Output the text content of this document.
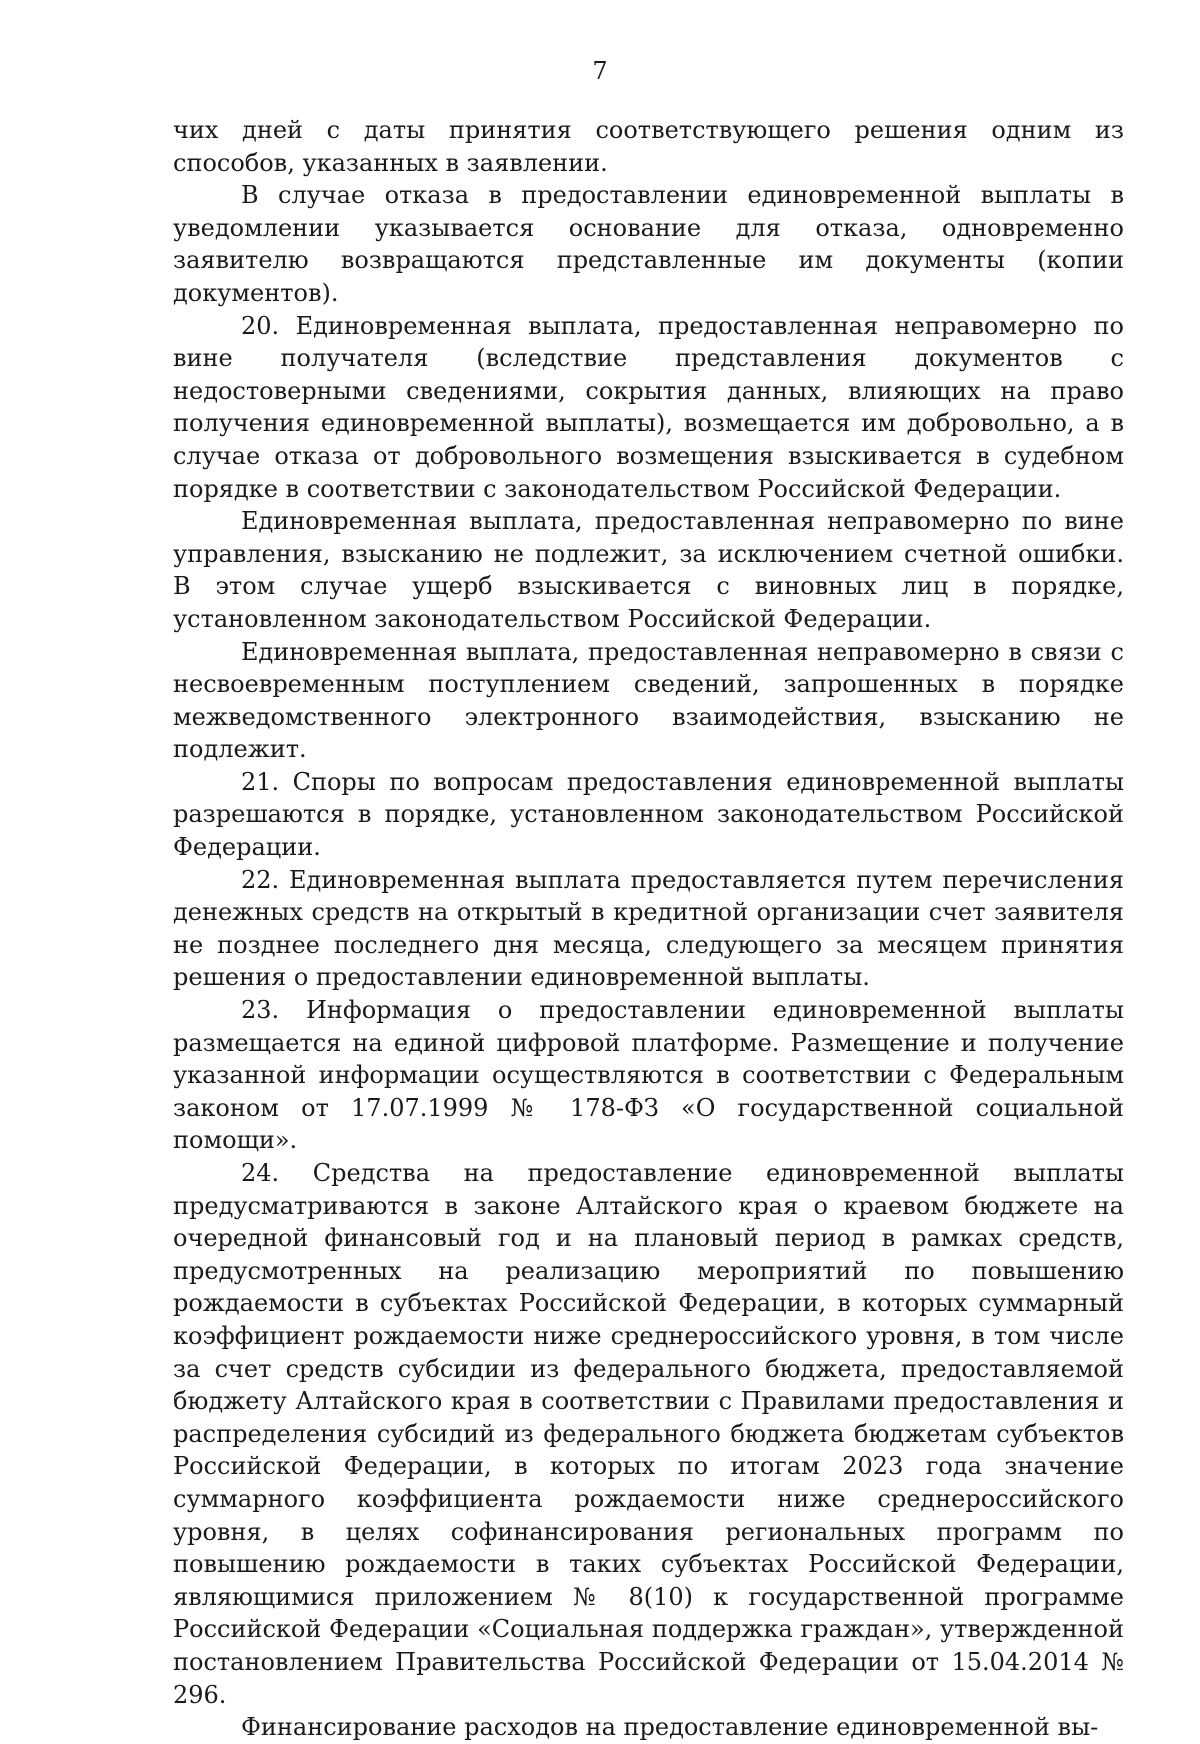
7

чих дней с даты принятия соответствующего решения одним из способов, указанных в заявлении.

В случае отказа в предоставлении единовременной выплаты в уведомлении указывается основание для отказа, одновременно заявителю возвращаются представленные им документы (копии документов).

20. Единовременная выплата, предоставленная неправомерно по вине получателя (вследствие представления документов с недостоверными сведениями, сокрытия данных, влияющих на право получения единовременной выплаты), возмещается им добровольно, а в случае отказа от добровольного возмещения взыскивается в судебном порядке в соответствии с законодательством Российской Федерации.

Единовременная выплата, предоставленная неправомерно по вине управления, взысканию не подлежит, за исключением счетной ошибки. В этом случае ущерб взыскивается с виновных лиц в порядке, установленном законодательством Российской Федерации.

Единовременная выплата, предоставленная неправомерно в связи с несвоевременным поступлением сведений, запрошенных в порядке межведомственного электронного взаимодействия, взысканию не подлежит.

21. Споры по вопросам предоставления единовременной выплаты разрешаются в порядке, установленном законодательством Российской Федерации.

22. Единовременная выплата предоставляется путем перечисления денежных средств на открытый в кредитной организации счет заявителя не позднее последнего дня месяца, следующего за месяцем принятия решения о предоставлении единовременной выплаты.

23. Информация о предоставлении единовременной выплаты размещается на единой цифровой платформе. Размещение и получение указанной информации осуществляются в соответствии с Федеральным законом от 17.07.1999 № 178-ФЗ «О государственной социальной помощи».

24. Средства на предоставление единовременной выплаты предусматриваются в законе Алтайского края о краевом бюджете на очередной финансовый год и на плановый период в рамках средств, предусмотренных на реализацию мероприятий по повышению рождаемости в субъектах Российской Федерации, в которых суммарный коэффициент рождаемости ниже среднероссийского уровня, в том числе за счет средств субсидии из федерального бюджета, предоставляемой бюджету Алтайского края в соответствии с Правилами предоставления и распределения субсидий из федерального бюджета бюджетам субъектов Российской Федерации, в которых по итогам 2023 года значение суммарного коэффициента рождаемости ниже среднероссийского уровня, в целях софинансирования региональных программ по повышению рождаемости в таких субъектах Российской Федерации, являющимися приложением № 8(10) к государственной программе Российской Федерации «Социальная поддержка граждан», утвержденной постановлением Правительства Российской Федерации от 15.04.2014 № 296.

Финансирование расходов на предоставление единовременной вы-
